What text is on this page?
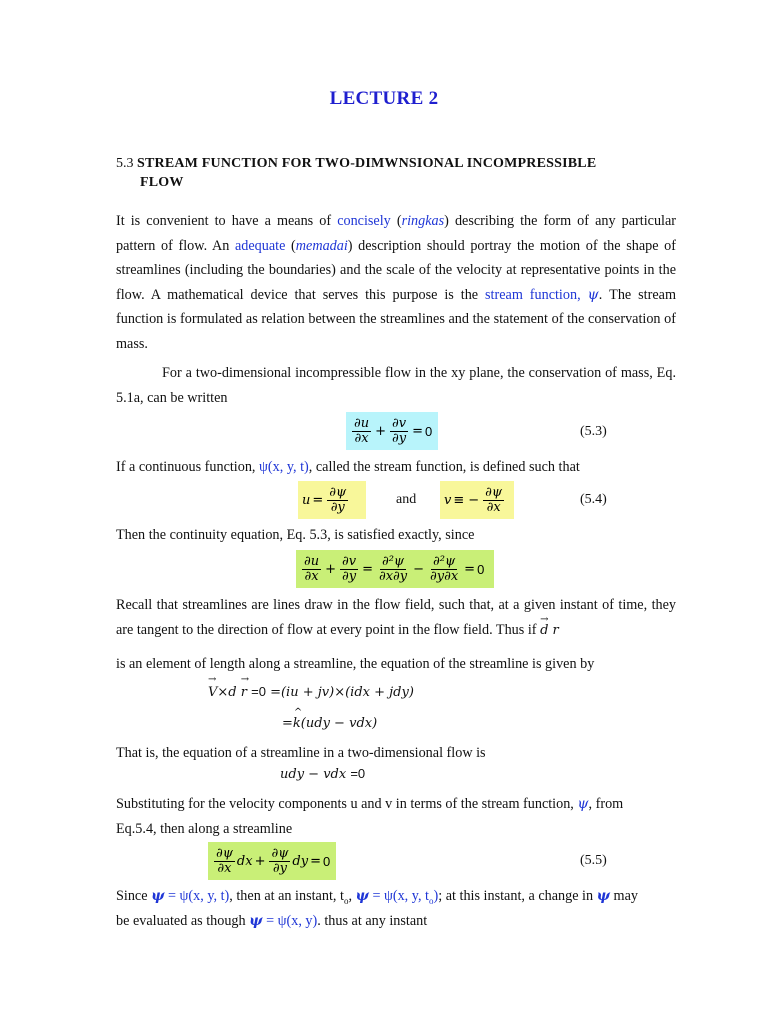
LECTURE 2
5.3 STREAM FUNCTION FOR TWO-DIMWNSIONAL INCOMPRESSIBLE
FLOW

It is convenient to have a means of concisely (ringkas) describing the form of any particular pattern of flow. An adequate (memadai) description should portray the motion of the shape of streamlines (including the boundaries) and the scale of the velocity at representative points in the flow. A mathematical device that serves this purpose is the stream function, ψ. The stream function is formulated as relation between the streamlines and the statement of the conservation of mass.

For a two-dimensional incompressible flow in the xy plane, the conservation of mass, Eq. 5.1a, can be written

$\frac{\partial u}{\partial x} + \frac{\partial v}{\partial y} = 0$	(5.3)

If a continuous function, ψ(x, y, t), called the stream function, is defined such that

$u = \frac{\partial\psi}{\partial y}$	and v ≡ − $\frac{\partial\psi}{\partial x}$	(5.4)

Then the continuity equation, Eq. 5.3, is satisfied exactly, since

$\frac{\partial u}{\partial x} + \frac{\partial v}{\partial y} = \frac{\text{∂²ψ}}{\partial x\partial y} - \frac{\text{∂²ψ}}{\partial y\partial x} = 0$

Recall that streamlines are lines draw in the flow field, such that, at a given instant of time, they are tangent to the direction of flow at every point in the flow field. Thus if → d r

is an element of length along a streamline, the equation of the streamline is given by

→ V×d → r =0 =(iu + jv)×(idx + jdy)
=^ k(udy − vdx)

That is, the equation of a streamline in a two-dimensional flow is

udy − vdx =0

Substituting for the velocity components u and v in terms of the stream function, ψ, from

Eq.5.4, then along a streamline

$\frac{\partial\psi}{\partial x}$ dx + $\frac{\partial\psi}{\partial y}$ dy = 0	(5.5)

Since ψ = ψ(x, y, t), then at an instant, $t_o$, ψ = ψ(x, y, $t_o$); at this instant, a change in ψ may

be evaluated as though ψ = ψ(x, y). thus at any instant
